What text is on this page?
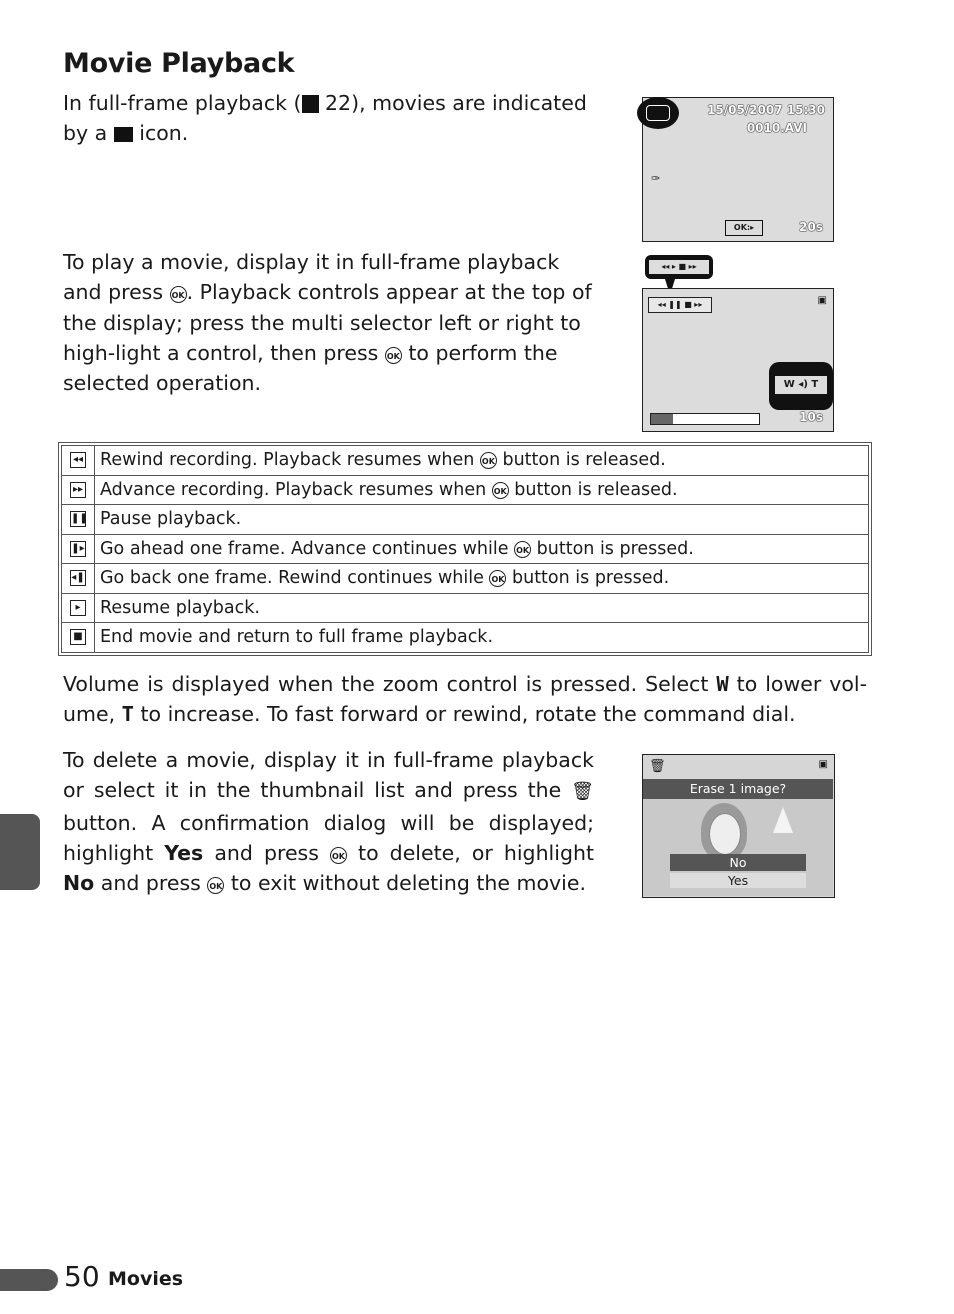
Movie Playback

In full-frame playback ( 22), movies are indicated by a  icon.

15/05/2007 15:30
0010.AVI
✑
OK:▸	20s

To play a movie, display it in full-frame playback and press OK. Playback controls appear at the top of the display; press the multi selector left or right to high-light a control, then press OK to perform the selected operation.

◂◂ ▸ ■ ▸▸
◂◂ ❚❚ ■ ▸▸	▣
W ◂) T
10s
◂◂	Rewind recording. Playback resumes when OK button is released.
▸▸	Advance recording. Playback resumes when OK button is released.
❚❚	Pause playback.
❚▸	Go ahead one frame. Advance continues while OK button is pressed.
◂❚	Go back one frame. Rewind continues while OK button is pressed.
▸	Resume playback.
■	End movie and return to full frame playback.

Volume is displayed when the zoom control is pressed. Select W to lower vol-ume, T to increase. To fast forward or rewind, rotate the command dial.

To delete a movie, display it in full-frame playback or select it in the thumbnail list and press the 🗑 button. A confirmation dialog will be displayed; highlight Yes and press OK to delete, or highlight No and press OK to exit without deleting the movie.

🗑	▣
Erase 1 image?
No
Yes
50 Movies
